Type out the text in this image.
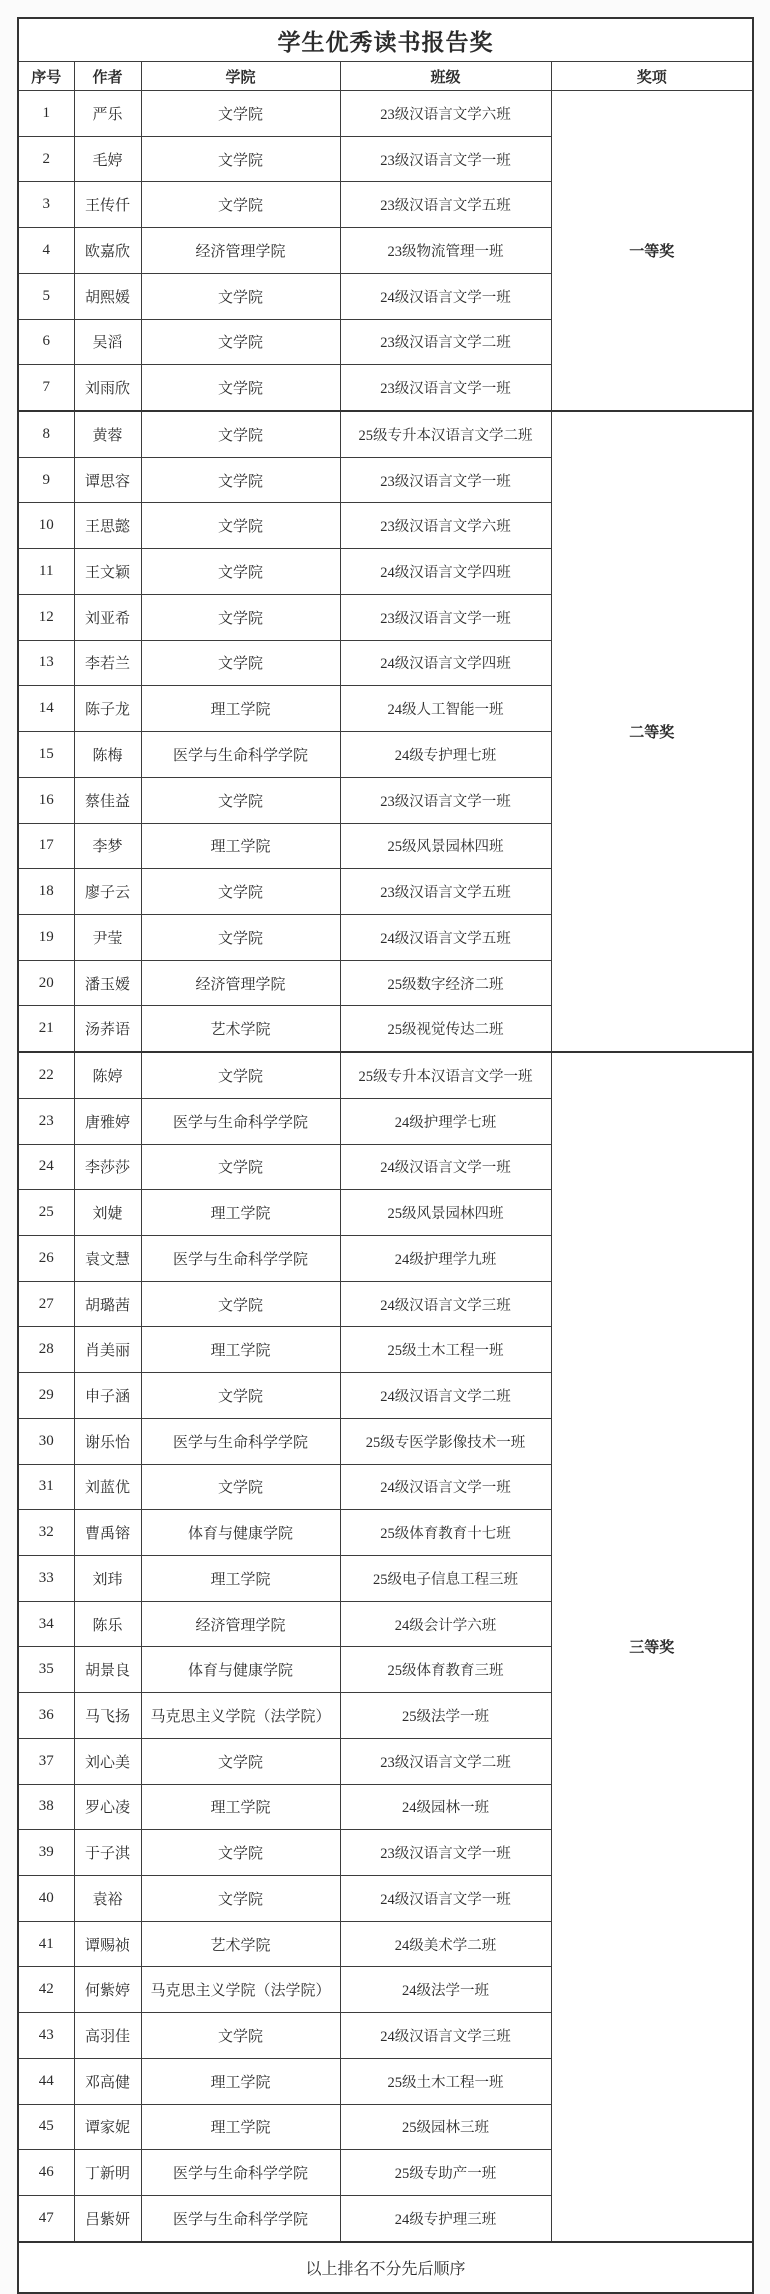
学生优秀读书报告奖				
序号	作者	学院	班级	奖项
1	严乐	文学院	23级汉语言文学六班	一等奖
2	毛婷	文学院	23级汉语言文学一班	
3	王传仟	文学院	23级汉语言文学五班	
4	欧嘉欣	经济管理学院	23级物流管理一班	
5	胡熙媛	文学院	24级汉语言文学一班	
6	吴滔	文学院	23级汉语言文学二班	
7	刘雨欣	文学院	23级汉语言文学一班	
8	黄蓉	文学院	25级专升本汉语言文学二班	二等奖
9	谭思容	文学院	23级汉语言文学一班	
10	王思懿	文学院	23级汉语言文学六班	
11	王文颖	文学院	24级汉语言文学四班	
12	刘亚希	文学院	23级汉语言文学一班	
13	李若兰	文学院	24级汉语言文学四班	
14	陈子龙	理工学院	24级人工智能一班	
15	陈梅	医学与生命科学学院	24级专护理七班	
16	蔡佳益	文学院	23级汉语言文学一班	
17	李梦	理工学院	25级风景园林四班	
18	廖子云	文学院	23级汉语言文学五班	
19	尹莹	文学院	24级汉语言文学五班	
20	潘玉嫒	经济管理学院	25级数字经济二班	
21	汤荞语	艺术学院	25级视觉传达二班	
22	陈婷	文学院	25级专升本汉语言文学一班	三等奖
23	唐雅婷	医学与生命科学学院	24级护理学七班	
24	李莎莎	文学院	24级汉语言文学一班	
25	刘婕	理工学院	25级风景园林四班	
26	袁文慧	医学与生命科学学院	24级护理学九班	
27	胡璐茜	文学院	24级汉语言文学三班	
28	肖美丽	理工学院	25级土木工程一班	
29	申子涵	文学院	24级汉语言文学二班	
30	谢乐怡	医学与生命科学学院	25级专医学影像技术一班	
31	刘蓝优	文学院	24级汉语言文学一班	
32	曹禹镕	体育与健康学院	25级体育教育十七班	
33	刘玮	理工学院	25级电子信息工程三班	
34	陈乐	经济管理学院	24级会计学六班	
35	胡景良	体育与健康学院	25级体育教育三班	
36	马飞扬	马克思主义学院（法学院）	25级法学一班	
37	刘心美	文学院	23级汉语言文学二班	
38	罗心凌	理工学院	24级园林一班	
39	于子淇	文学院	23级汉语言文学一班	
40	袁裕	文学院	24级汉语言文学一班	
41	谭赐祯	艺术学院	24级美术学二班	
42	何紫婷	马克思主义学院（法学院）	24级法学一班	
43	高羽佳	文学院	24级汉语言文学三班	
44	邓高健	理工学院	25级土木工程一班	
45	谭家妮	理工学院	25级园林三班	
46	丁新明	医学与生命科学学院	25级专助产一班	
47	吕紫妍	医学与生命科学学院	24级专护理三班	
以上排名不分先后顺序				
